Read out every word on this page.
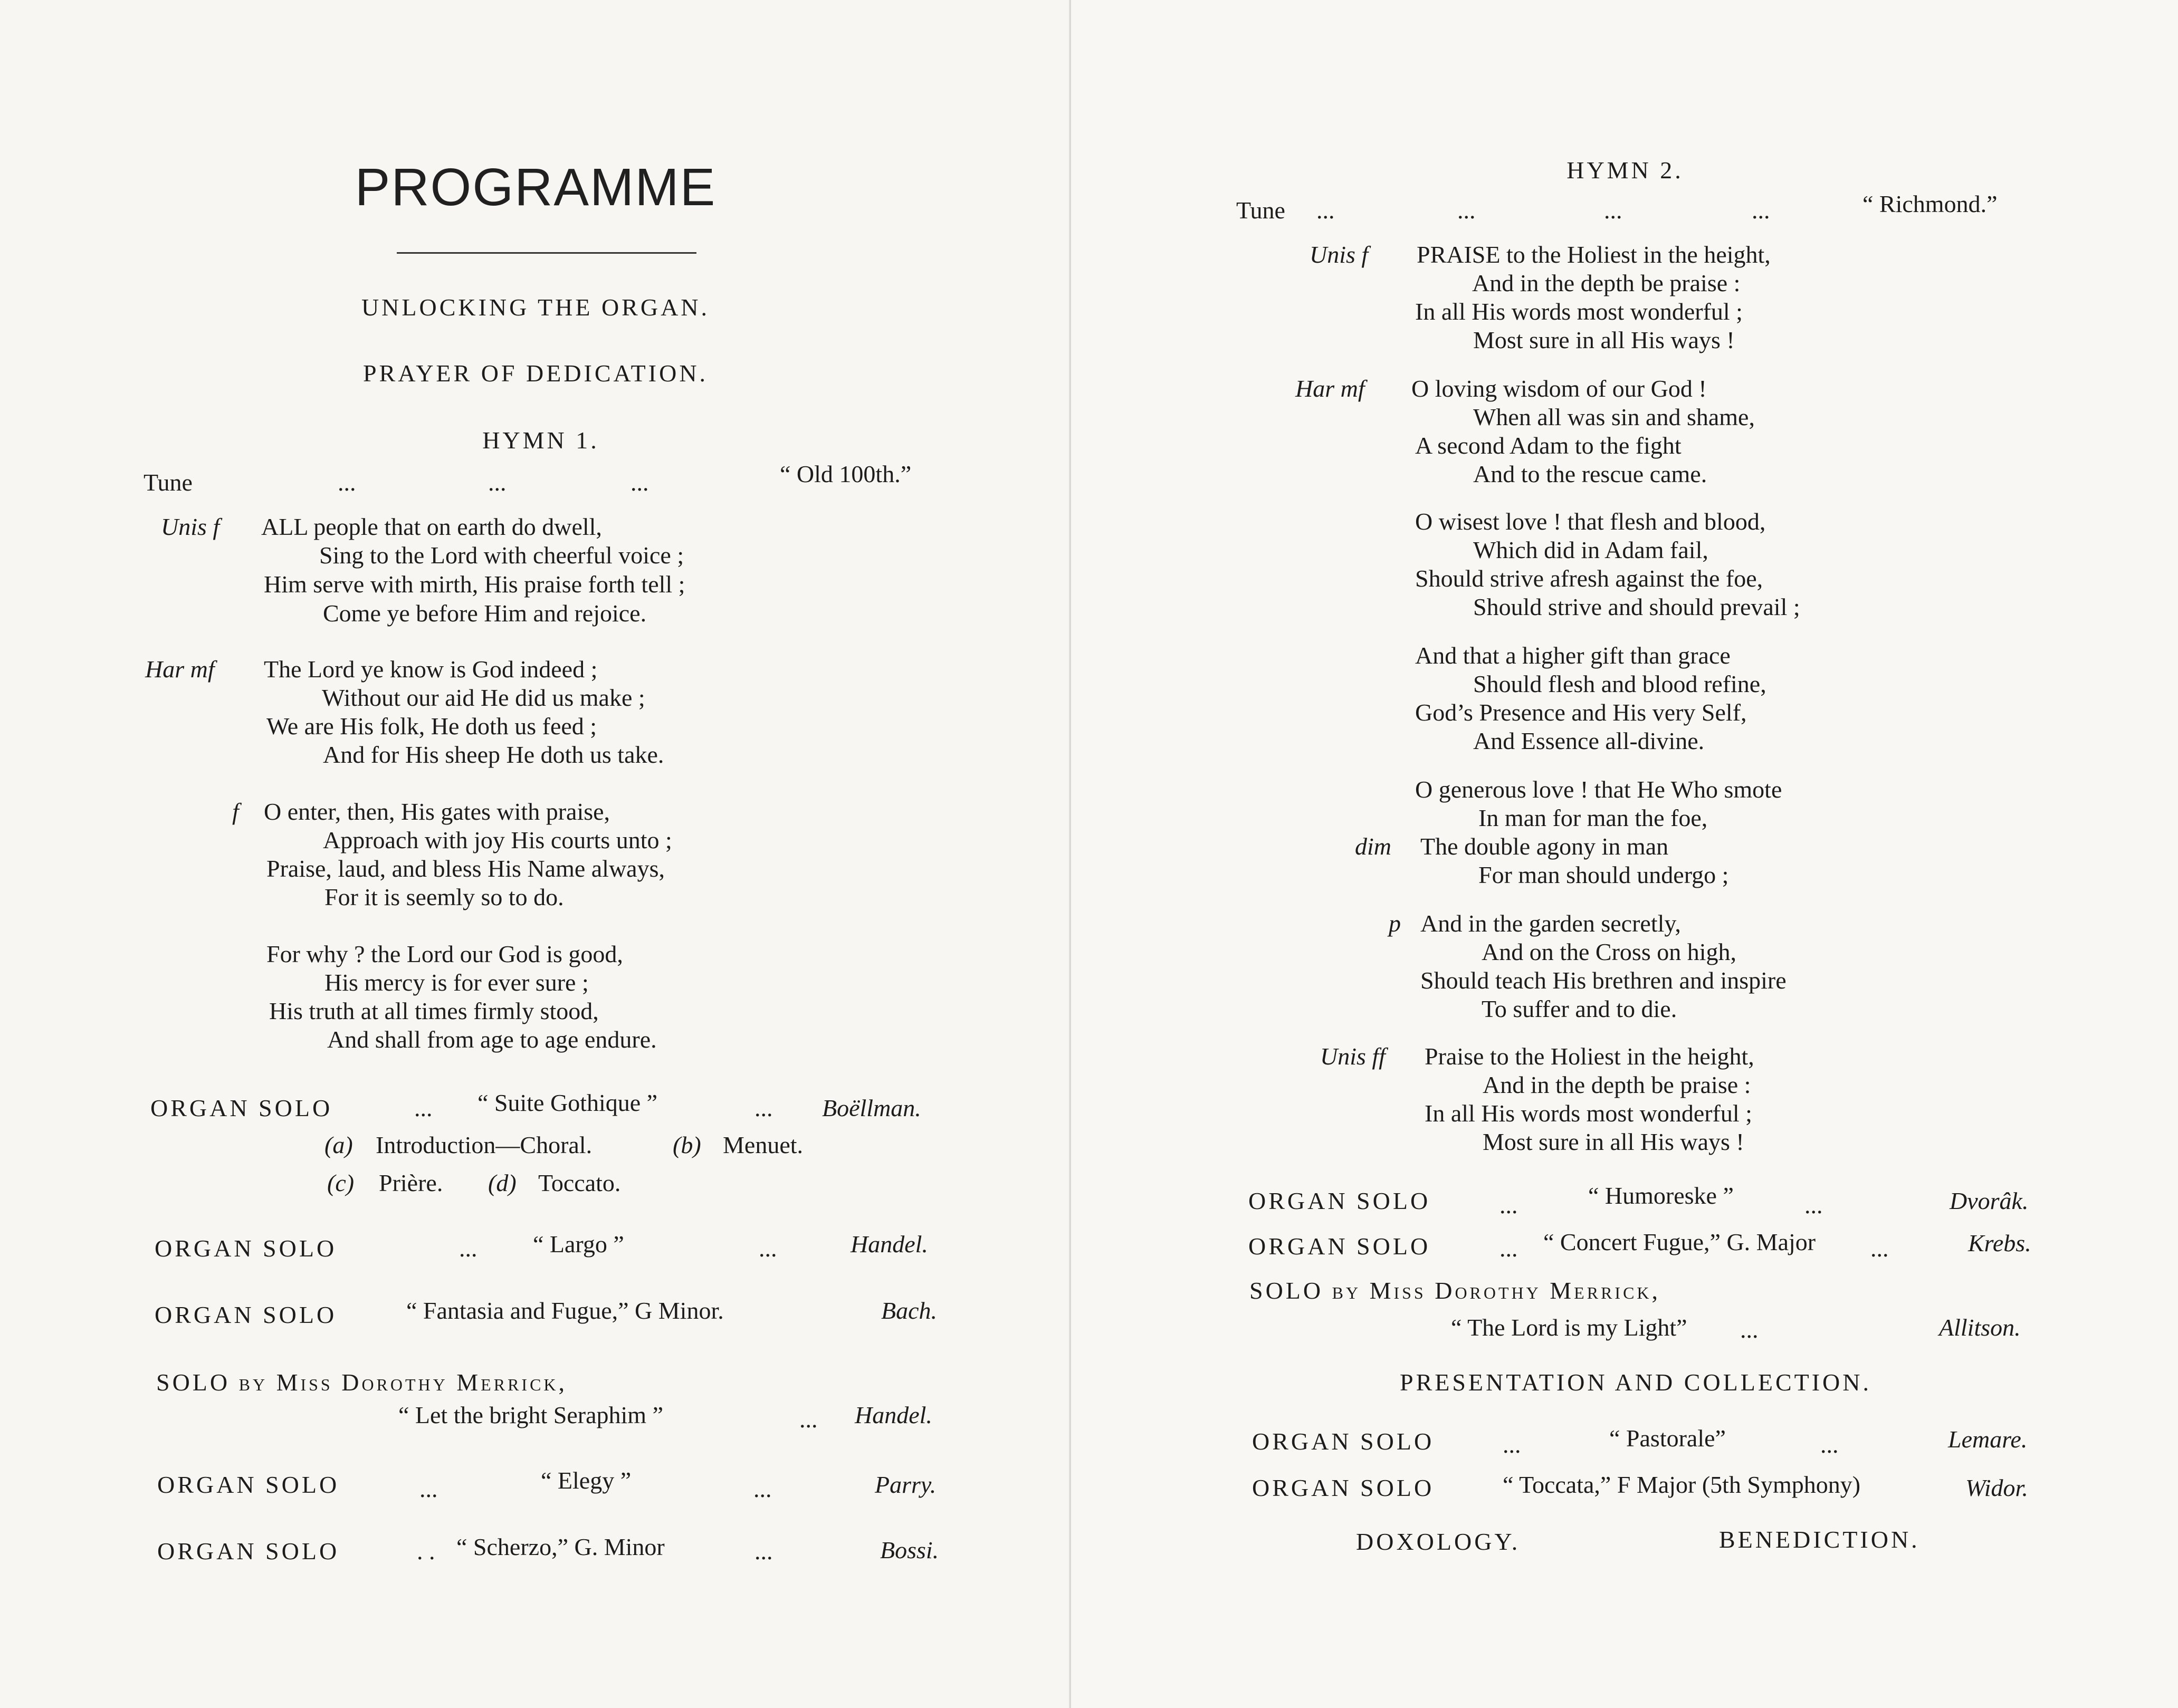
PROGRAMME
UNLOCKING THE ORGAN.
PRAYER OF DEDICATION.
HYMN 1.
Tune	...	...	...	“ Old 100th.”
Unis f ALL people that on earth do dwell,
Sing to the Lord with cheerful voice ;
Him serve with mirth, His praise forth tell ;
Come ye before Him and rejoice.
Har mf The Lord ye know is God indeed ;
Without our aid He did us make ;
We are His folk, He doth us feed ;
And for His sheep He doth us take.
f O enter, then, His gates with praise,
Approach with joy His courts unto ;
Praise, laud, and bless His Name always,
For it is seemly so to do.
For why ? the Lord our God is good,
His mercy is for ever sure ;
His truth at all times firmly stood,
And shall from age to age endure.
ORGAN SOLO	... “ Suite Gothique ”	... Boëllman.
(a) Introduction—Choral.	(b) Menuet.
(c) Prière. (d) Toccato.
ORGAN SOLO	... “ Largo ”	...	Handel.
ORGAN SOLO	“ Fantasia and Fugue,” G Minor.	Bach.
SOLO by Miss Dorothy Merrick,
“ Let the bright Seraphim ”	... Handel.
ORGAN SOLO	...	“ Elegy ”	...	Parry.
ORGAN SOLO	. . “ Scherzo,” G. Minor	...	Bossi.
HYMN 2.
Tune ...	...	...	...	“ Richmond.”
Unis f PRAISE to the Holiest in the height,
And in the depth be praise :
In all His words most wonderful ;
Most sure in all His ways !
Har mf O loving wisdom of our God !
When all was sin and shame,
A second Adam to the fight
And to the rescue came.
O wisest love ! that flesh and blood,
Which did in Adam fail,
Should strive afresh against the foe,
Should strive and should prevail ;
And that a higher gift than grace
Should flesh and blood refine,
God’s Presence and His very Self,
And Essence all-divine.
O generous love ! that He Who smote
In man for man the foe,
dim The double agony in man
For man should undergo ;
p And in the garden secretly,
And on the Cross on high,
Should teach His brethren and inspire
To suffer and to die.
Unis ff Praise to the Holiest in the height,
And in the depth be praise :
In all His words most wonderful ;
Most sure in all His ways !
ORGAN SOLO	...	“ Humoreske ”	...	Dvorâk.
ORGAN SOLO	... “ Concert Fugue,” G. Major ...	Krebs.
SOLO by Miss Dorothy Merrick,
“ The Lord is my Light” ...	Allitson.
PRESENTATION AND COLLECTION.
ORGAN SOLO	...	“ Pastorale”	...	Lemare.
ORGAN SOLO	“ Toccata,” F Major (5th Symphony)	Widor.
DOXOLOGY.	BENEDICTION.
